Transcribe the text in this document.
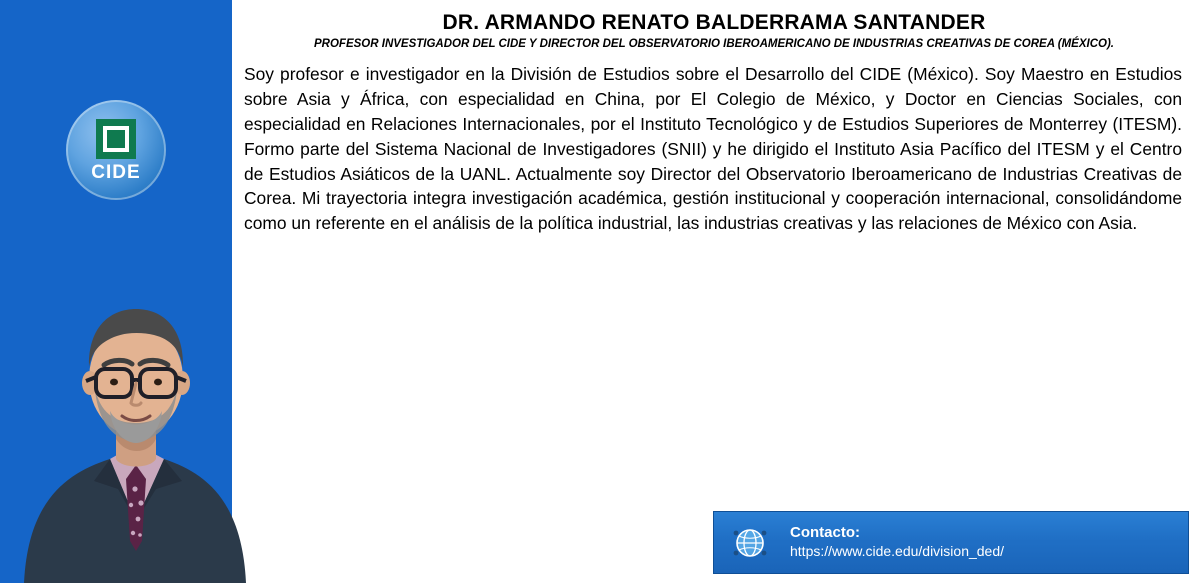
CIDE
DR. ARMANDO RENATO BALDERRAMA SANTANDER
PROFESOR INVESTIGADOR DEL CIDE Y DIRECTOR DEL OBSERVATORIO IBEROAMERICANO DE INDUSTRIAS CREATIVAS DE COREA (MÉXICO).
Soy profesor e investigador en la División de Estudios sobre el Desarrollo del CIDE (México). Soy Maestro en Estudios sobre Asia y África, con especialidad en China, por El Colegio de México, y Doctor en Ciencias Sociales, con especialidad en Relaciones Internacionales, por el Instituto Tecnológico y de Estudios Superiores de Monterrey (ITESM). Formo parte del Sistema Nacional de Investigadores (SNII) y he dirigido el Instituto Asia Pacífico del ITESM y el Centro de Estudios Asiáticos de la UANL. Actualmente soy Director del Observatorio Iberoamericano de Industrias Creativas de Corea. Mi trayectoria integra investigación académica, gestión institucional y cooperación internacional, consolidándome como un referente en el análisis de la política industrial, las industrias creativas y las relaciones de México con Asia.
Contacto:
https://www.cide.edu/division_ded/
